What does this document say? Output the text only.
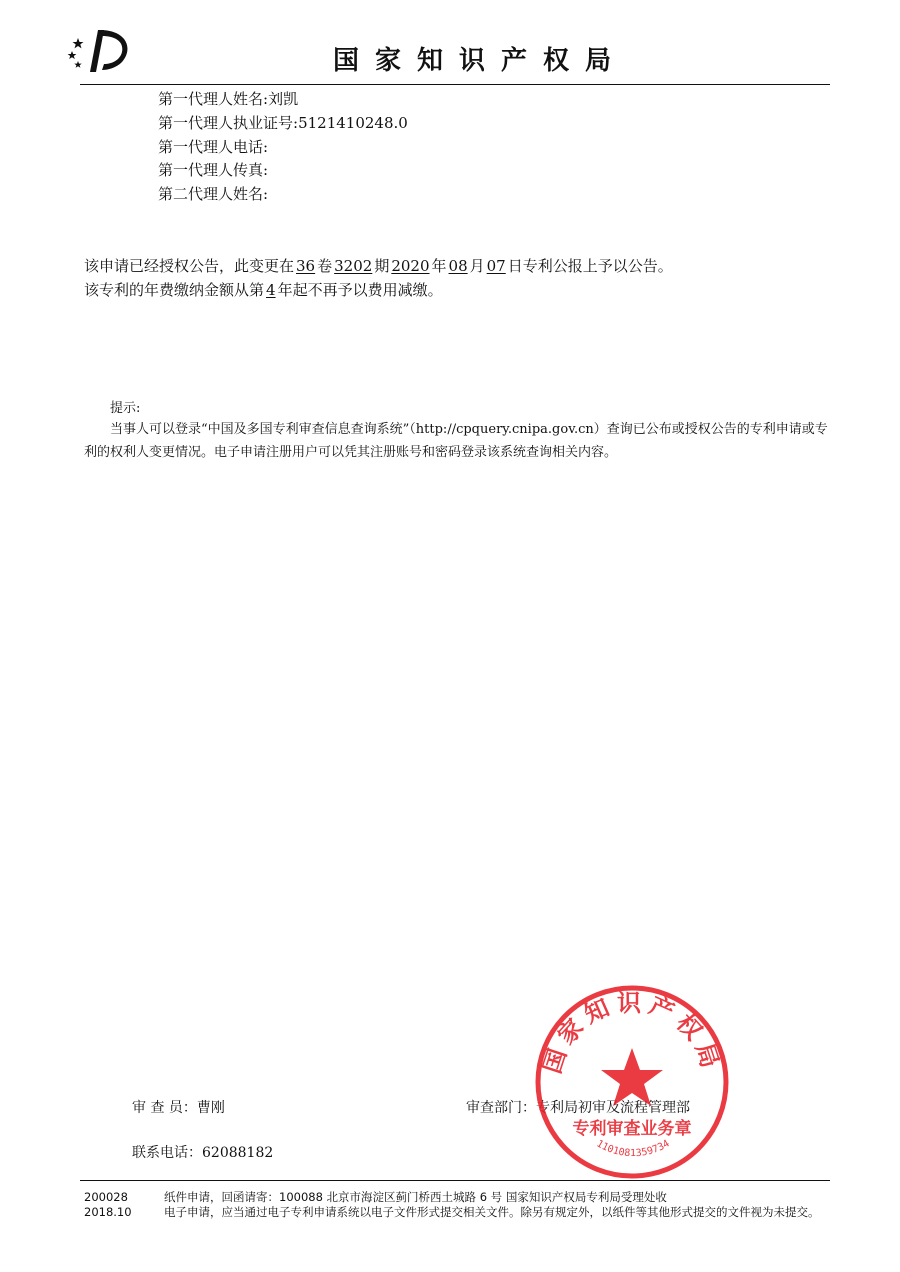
国家知识产权局
第一代理人姓名:刘凯
第一代理人执业证号:5121410248.0
第一代理人电话:
第一代理人传真:
第二代理人姓名:
该申请已经授权公告，此变更在 36 卷 3202 期 2020 年 08 月 07 日专利公报上予以公告。
该专利的年费缴纳金额从第 4 年起不再予以费用减缴。
提示:
当事人可以登录“中国及多国专利审查信息查询系统”（http://cpquery.cnipa.gov.cn）查询已公布或授权公告的专利申请或专利的权利人变更情况。电子申请注册用户可以凭其注册账号和密码登录该系统查询相关内容。
审 查 员：曹刚	审查部门：专利局初审及流程管理部
联系电话：62088182
国家知识产权局
专利审查业务章
1101081359734
200028
2018.10
纸件申请，回函请寄：100088 北京市海淀区蓟门桥西土城路 6 号 国家知识产权局专利局受理处收
电子申请，应当通过电子专利申请系统以电子文件形式提交相关文件。除另有规定外，以纸件等其他形式提交的文件视为未提交。
